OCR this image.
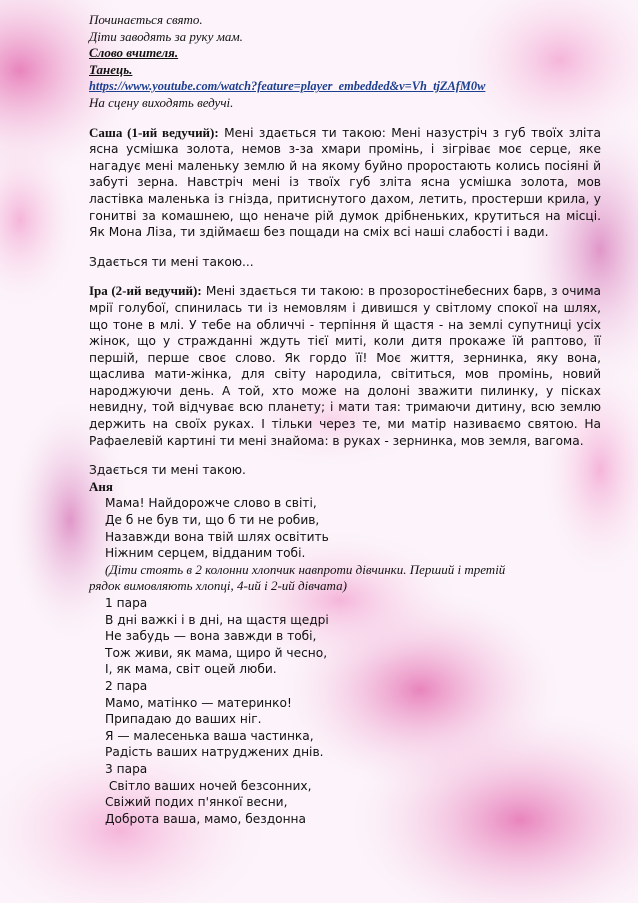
Починається свято.

Діти заводять за руку мам.

Слово вчителя.

Танець.

https://www.youtube.com/watch?feature=player_embedded&v=Vh_tjZAfM0w

На сцену виходять ведучі.

Саша (1-ий ведучий): Мені здається ти такою: Мені назустріч з губ твоїх зліта ясна усмішка золота, немов з-за хмари промінь, і зігріває моє серце, яке нагадує мені маленьку землю й на якому буйно проростають колись посіяні й забуті зерна. Навстріч мені із твоїх губ зліта ясна усмішка золота, мов ластівка маленька із гнізда, притиснутого дахом, летить, простерши крила, у гонитві за комашнею, що неначе рій думок дрібненьких, крутиться на місці. Як Мона Ліза, ти здіймаєш без пощади на сміх всі наші слабості і вади.

Здається ти мені такою...

Іра (2-ий ведучий): Мені здається ти такою: в прозоростінебесних барв, з очима мрії голубої, спинилась ти із немовлям і дивишся у світлому спокої на шлях, що тоне в млі. У тебе на обличчі - терпіння й щастя - на землі супутниці усіх жінок, що у стражданні ждуть тієї миті, коли дитя прокаже їй раптово, її першій, перше своє слово. Як гордо її! Моє життя, зернинка, яку вона, щаслива мати-жінка, для світу народила, світиться, мов промінь, новий народжуючи день. А той, хто може на долоні зважити пилинку, у пісках невидну, той відчуває всю планету; і мати тая: тримаючи дитину, всю землю держить на своїх руках. І тільки через те, ми матір називаємо святою. На Рафаелевій картині ти мені знайома: в руках - зернинка, мов земля, вагома.

Здається ти мені такою.

Аня

Мама! Найдорожче слово в світі,

Де б не був ти, що б ти не робив,

Назавжди вона твій шлях освітить

Ніжним серцем, відданим тобі.

(Діти стоять в 2 колонни хлопчик навпроти дівчинки. Перший і третій

рядок вимовляють хлопці, 4-ий і 2-ий дівчата)

1 пара

В дні важкі і в дні, на щастя щедрі

Не забудь — вона завжди в тобі,

Тож живи, як мама, щиро й чесно,

І, як мама, світ оцей люби.

2 пара

Мамо, матінко — материнко!

Припадаю до ваших ніг.

Я — малесенька ваша частинка,

Радість ваших натруджених днів.

3 пара

Світло ваших ночей безсонних,

Свіжий подих п'янкої весни,

Доброта ваша, мамо, бездонна
